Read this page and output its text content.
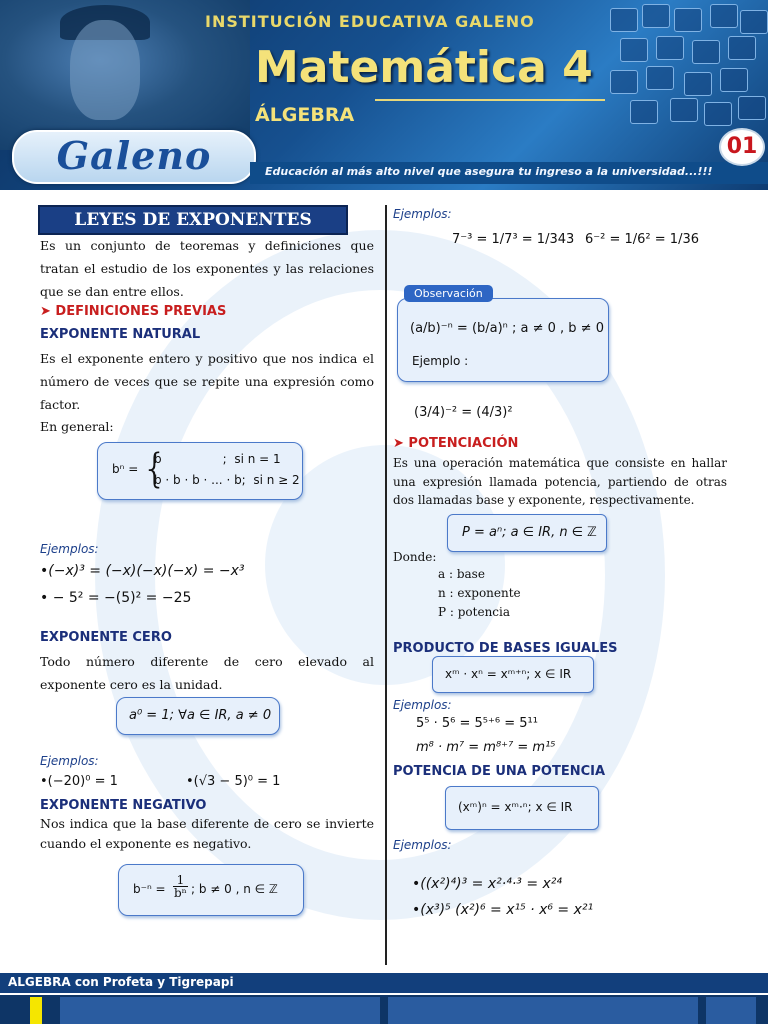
INSTITUCIÓN EDUCATIVA GALENO
Matemática 4
ÁLGEBRA
Galeno	Educación al más alto nivel que asegura tu ingreso a la universidad...!!!
01
LEYES DE EXPONENTES
Es un conjunto de teoremas y definiciones que tratan el estudio de los exponentes y las relaciones que se dan entre ellos.
➤ DEFINICIONES PREVIAS
EXPONENTE NATURAL
Es el exponente entero y positivo que nos indica el número de veces que se repite una expresión como factor.
En general:
bⁿ = {
b                ;  si n = 1
b · b · b · ... · b;  si n ≥ 2
Ejemplos:
•(−x)³ = (−x)(−x)(−x) = −x³
• − 5² = −(5)² = −25
EXPONENTE CERO
Todo número diferente de cero elevado al exponente cero es la unidad.
a⁰ = 1; ∀a ∈ IR, a ≠ 0
Ejemplos:
•(−20)⁰ = 1	•(√3 − 5)⁰ = 1
EXPONENTE NEGATIVO
Nos indica que la base diferente de cero se invierte cuando el exponente es negativo.
$b^{-n} = \frac{1}{\text{bⁿ}}$ ; b ≠ 0 , n ∈ ℤ
Ejemplos:
7⁻³ = 1/7³ = 1/343 6⁻² = 1/6² = 1/36
(a/b)⁻ⁿ = (b/a)ⁿ ; a ≠ 0 , b ≠ 0
Ejemplo :
Observación
(3/4)⁻² = (4/3)²
➤ POTENCIACIÓN
Es una operación matemática que consiste en hallar una expresión llamada potencia, partiendo de otras dos llamadas base y exponente, respectivamente.
P = aⁿ; a ∈ IR, n ∈ ℤ
Donde:
a : base
n : exponente
P : potencia
PRODUCTO DE BASES IGUALES
xᵐ · xⁿ = xᵐ⁺ⁿ; x ∈ IR
Ejemplos:
5⁵ · 5⁶ = 5⁵⁺⁶ = 5¹¹
m⁸ · m⁷ = m⁸⁺⁷ = m¹⁵
POTENCIA DE UNA POTENCIA
(xᵐ)ⁿ = xᵐ·ⁿ; x ∈ IR
Ejemplos:
•((x²)⁴)³ = x²·⁴·³ = x²⁴
•(x³)⁵ (x²)⁶ = x¹⁵ · x⁶ = x²¹
ALGEBRA con Profeta y Tigrepapi
